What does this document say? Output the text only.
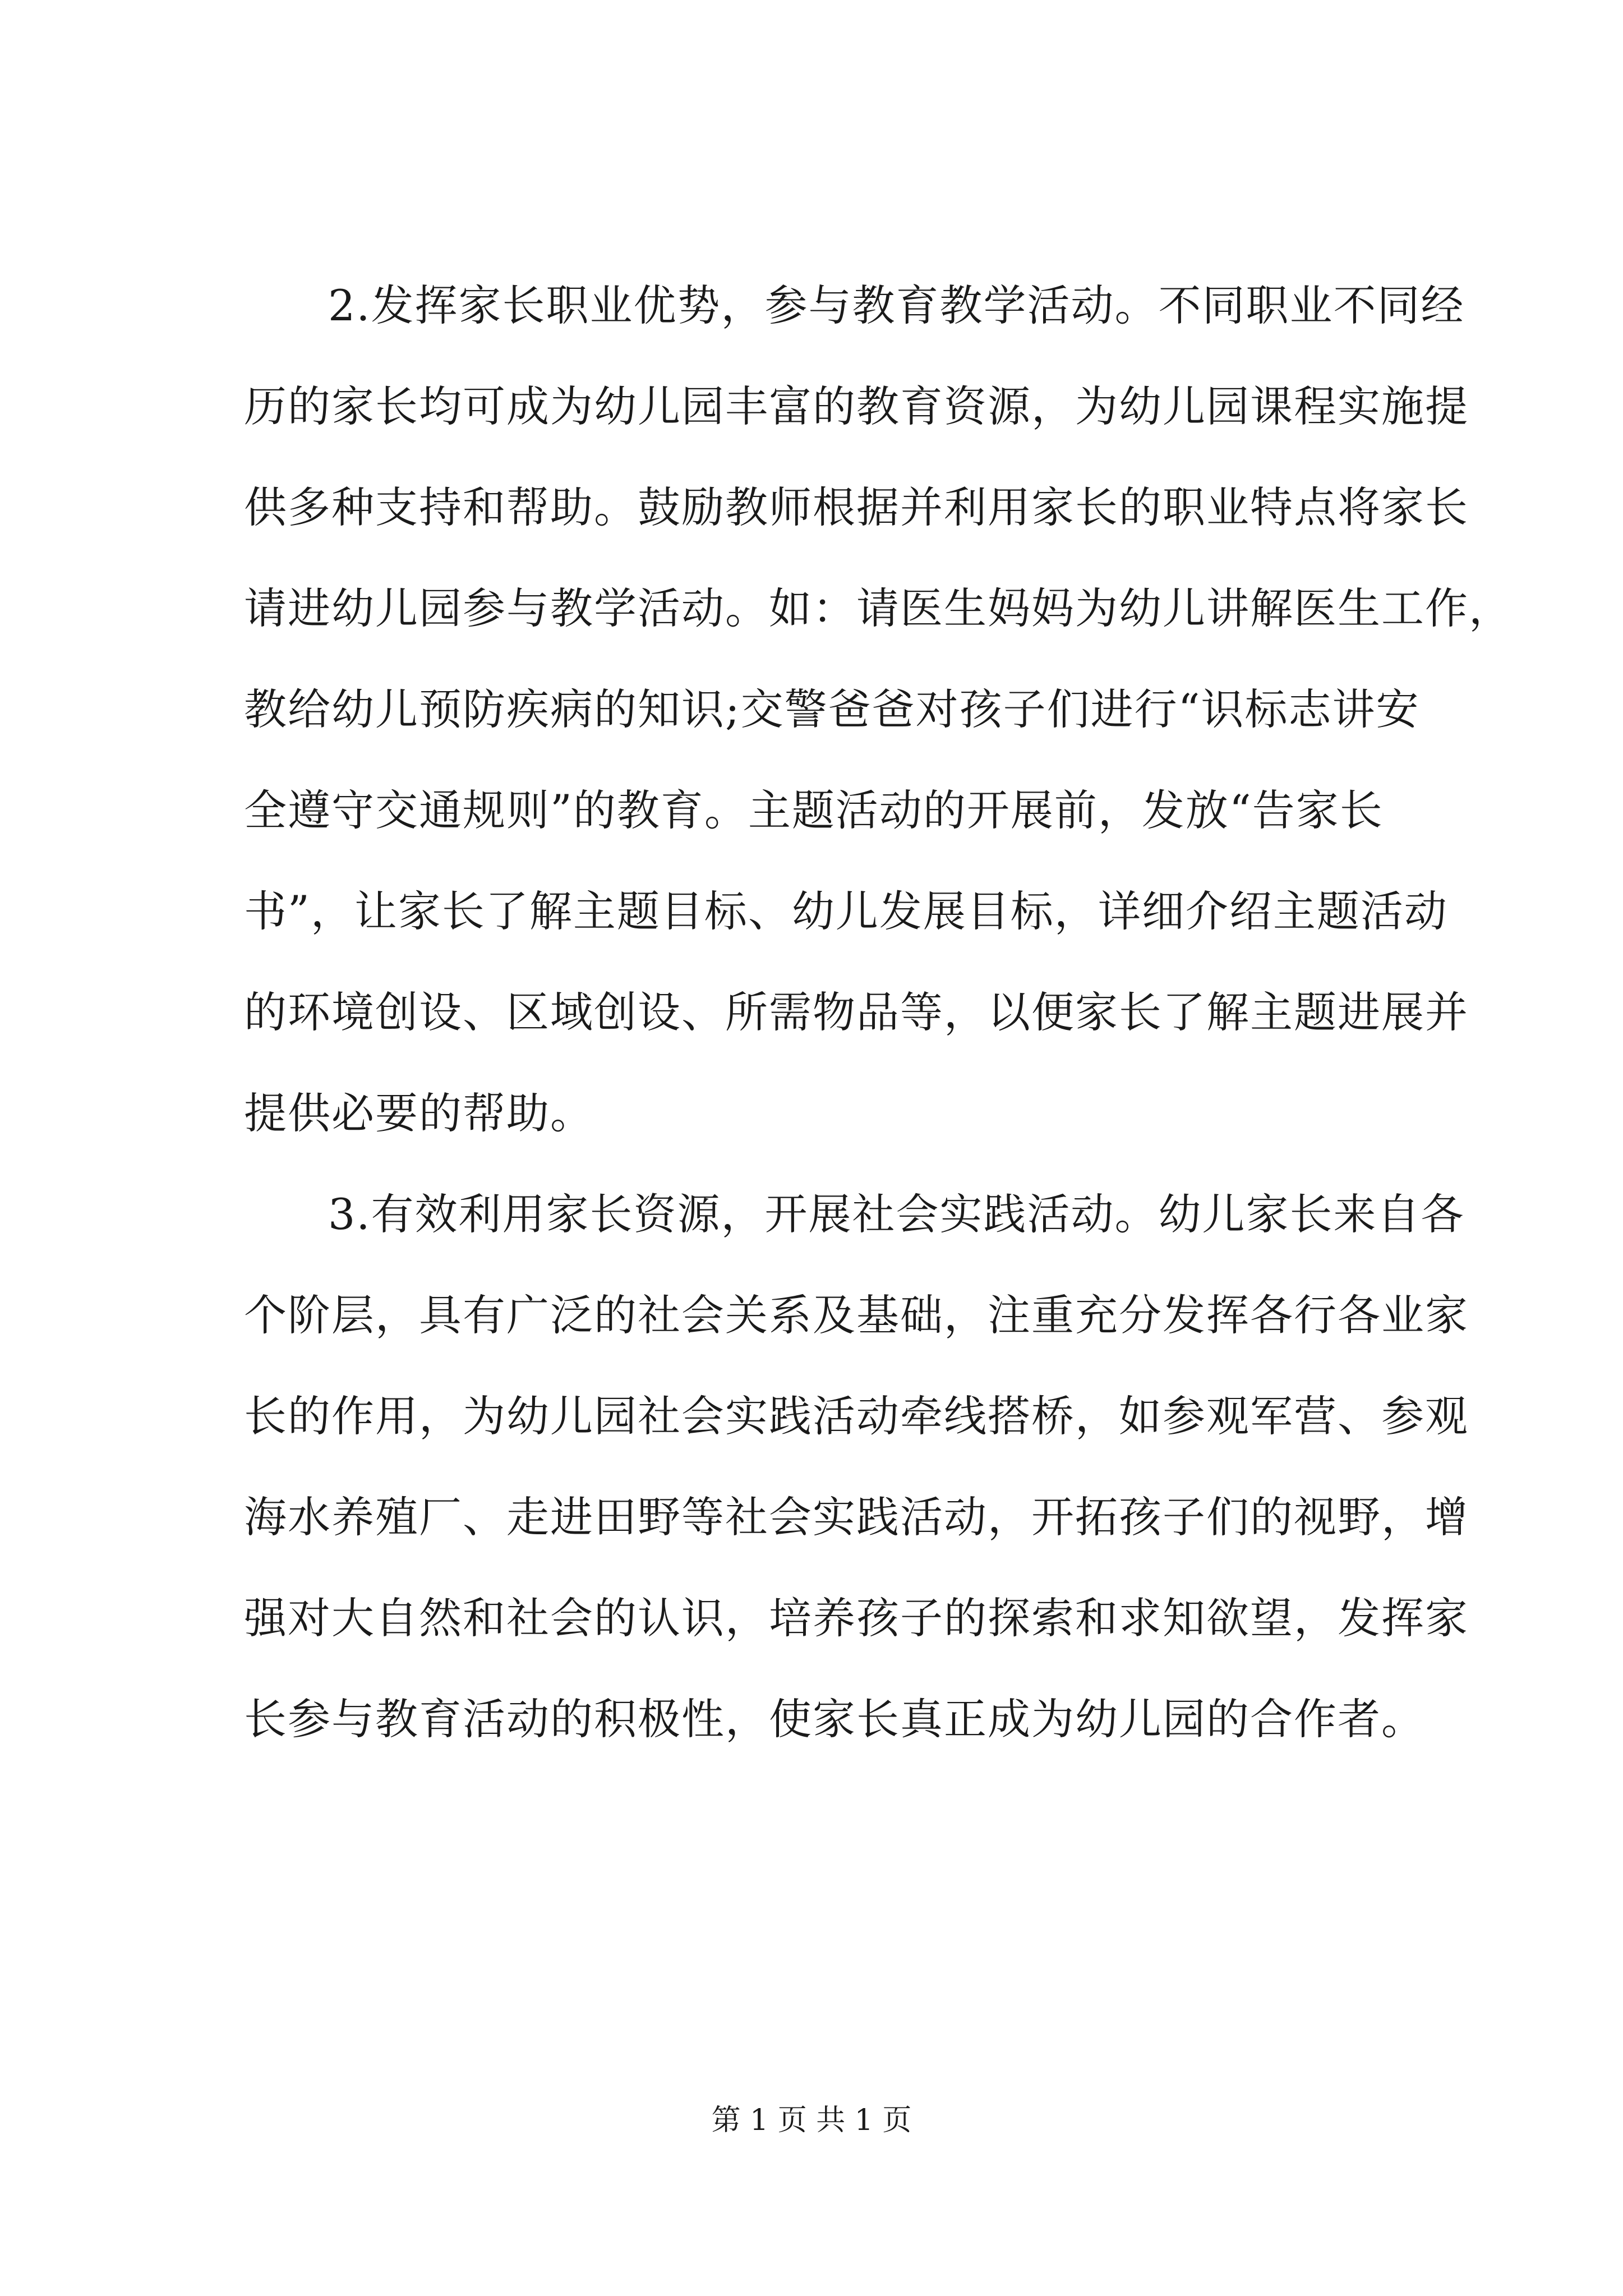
2.发挥家长职业优势，参与教育教学活动。不同职业不同经
历的家长均可成为幼儿园丰富的教育资源，为幼儿园课程实施提
供多种支持和帮助。鼓励教师根据并利用家长的职业特点将家长
请进幼儿园参与教学活动。如：请医生妈妈为幼儿讲解医生工作，
教给幼儿预防疾病的知识;交警爸爸对孩子们进行“识标志讲安
全遵守交通规则”的教育。主题活动的开展前，发放“告家长
书”，让家长了解主题目标、幼儿发展目标，详细介绍主题活动
的环境创设、区域创设、所需物品等，以便家长了解主题进展并
提供必要的帮助。
3.有效利用家长资源，开展社会实践活动。幼儿家长来自各
个阶层，具有广泛的社会关系及基础，注重充分发挥各行各业家
长的作用，为幼儿园社会实践活动牵线搭桥，如参观军营、参观
海水养殖厂、走进田野等社会实践活动，开拓孩子们的视野，增
强对大自然和社会的认识，培养孩子的探索和求知欲望，发挥家
长参与教育活动的积极性，使家长真正成为幼儿园的合作者。
第 1 页 共 1 页
